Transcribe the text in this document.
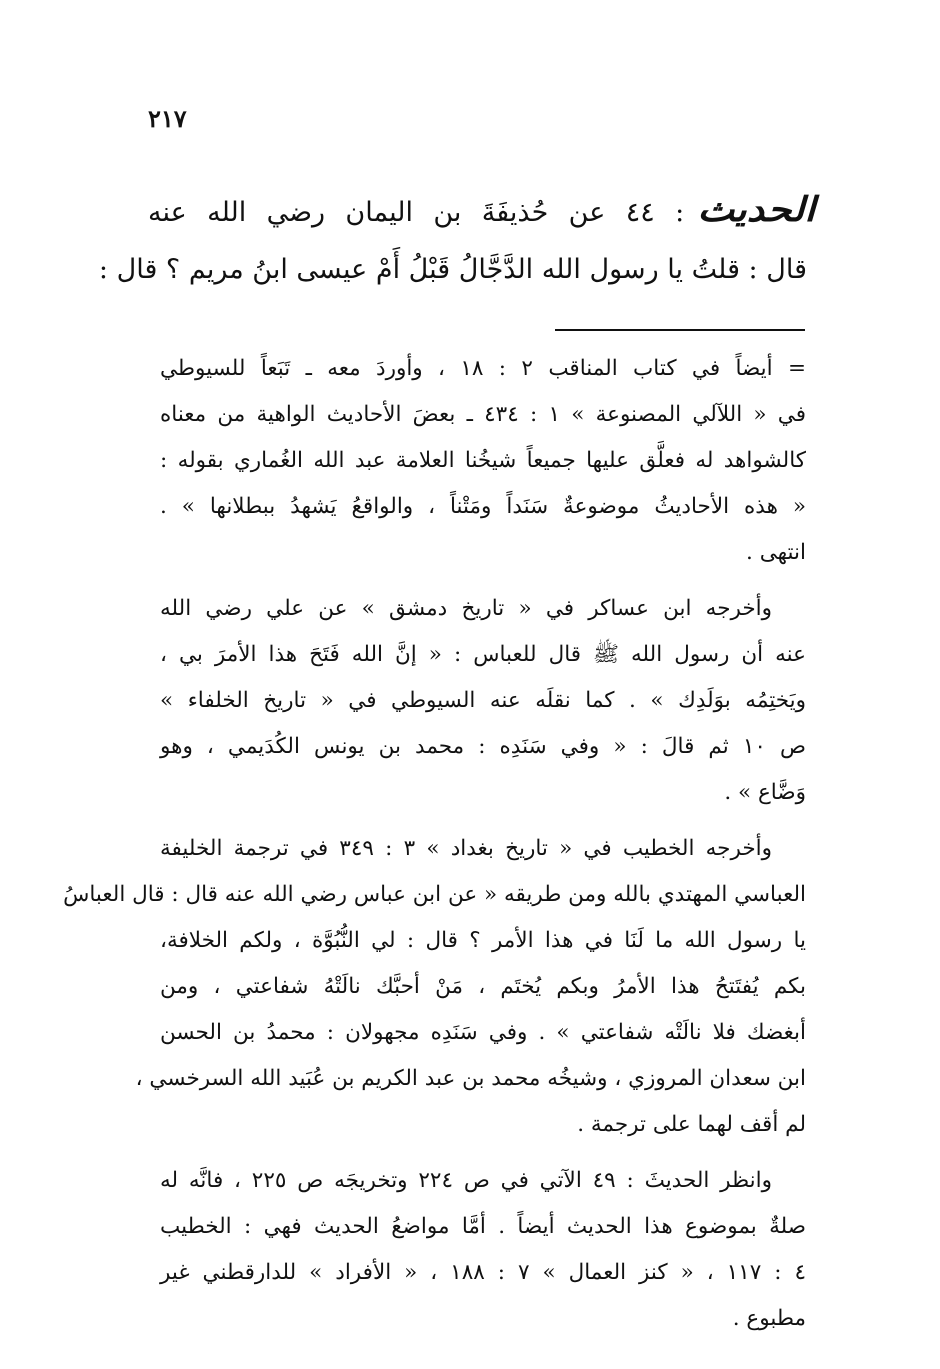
٢١٧
الحديث : ٤٤ عن حُذيفَةَ بن اليمان رضي الله عنه
قال : قلتُ يا رسول الله الدَّجَّالُ قَبْلُ أَمْ عيسى ابنُ مريم ؟ قال :
= أيضاً في كتاب المناقب ٢ : ١٨ ، وأوردَ معه ـ تَبَعاً للسيوطي
في « اللآلي المصنوعة » ١ : ٤٣٤ ـ بعضَ الأحاديث الواهية من معناه
كالشواهد له فعلَّق عليها جميعاً شيخُنا العلامة عبد الله الغُماري بقوله :
« هذه الأحاديثُ موضوعةٌ سَنَداً ومَتْناً ، والواقعُ يَشهدُ ببطلانها » .
انتهى .
وأخرجه ابن عساكر في « تاريخ دمشق » عن علي رضي الله
عنه أن رسول الله ﷺ قال للعباس : « إنَّ الله فَتَحَ هذا الأمرَ بي ،
ويَختِمُه بوَلَدِك » . كما نقلَه عنه السيوطي في « تاريخ الخلفاء »
ص ١٠ ثم قالَ : « وفي سَنَدِه : محمد بن يونس الكُدَيمي ، وهو
وَضَّاع » .
وأخرجه الخطيب في « تاريخ بغداد » ٣ : ٣٤٩ في ترجمة الخليفة
العباسي المهتدي بالله ومن طريقه « عن ابن عباس رضي الله عنه قال : قال العباسُ
يا رسول الله ما لَنَا في هذا الأمر ؟ قال : لي النُّبُوَّة ، ولكم الخلافة،
بكم يُفتَتحُ هذا الأمرُ وبكم يُختَم ، مَنْ أحبَّك نالَتْهُ شفاعتي ، ومن
أبغضك فلا نالَتْه شفاعتي » . وفي سَنَدِه مجهولان : محمدُ بن الحسن
ابن سعدان المروزي ، وشيخُه محمد بن عبد الكريم بن عُبَيد الله السرخسي ،
لم أقف لهما على ترجمة .
وانظر الحديثَ : ٤٩ الآتي في ص ٢٢٤ وتخريجَه ص ٢٢٥ ، فانَّه له
صلةٌ بموضوع هذا الحديث أيضاً . أمَّا مواضعُ الحديث فهي : الخطيب
٤ : ١١٧ ، « كنز العمال » ٧ : ١٨٨ ، « الأفراد » للدارقطني غير
مطبوع .
